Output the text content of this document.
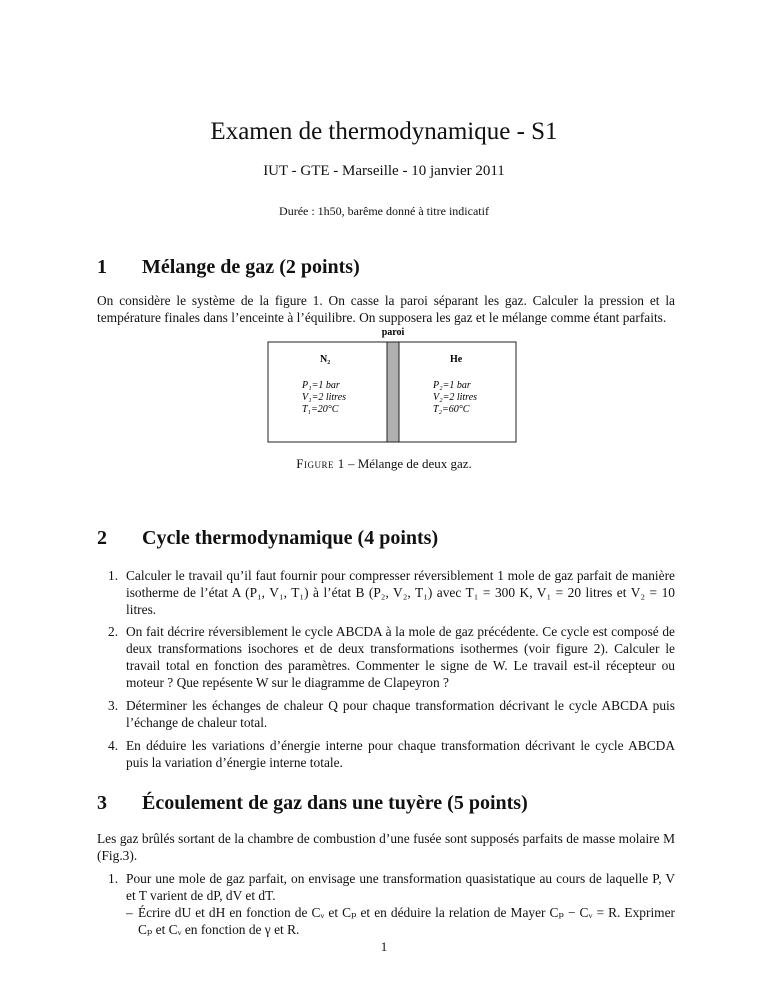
Examen de thermodynamique - S1
IUT - GTE - Marseille - 10 janvier 2011
Durée : 1h50, barême donné à titre indicatif
1 Mélange de gaz (2 points)
On considère le système de la figure 1. On casse la paroi séparant les gaz. Calculer la pression et la température finales dans l’enceinte à l’équilibre. On supposera les gaz et le mélange comme étant parfaits.
paroi
N₂
P₁=1 bar
V₁=2 litres
T₁=20°C
He
P₂=1 bar
V₂=2 litres
T₂=60°C
Figure 1 – Mélange de deux gaz.
2 Cycle thermodynamique (4 points)
1. Calculer le travail qu’il faut fournir pour compresser réversiblement 1 mole de gaz parfait de manière isotherme de l’état A (P₁, V₁, T₁) à l’état B (P₂, V₂, T₁) avec T₁ = 300 K, V₁ = 20 litres et V₂ = 10 litres.
2. On fait décrire réversiblement le cycle ABCDA à la mole de gaz précédente. Ce cycle est composé de deux transformations isochores et de deux transformations isothermes (voir figure 2). Calculer le travail total en fonction des paramètres. Commenter le signe de W. Le travail est-il récepteur ou moteur ? Que repésente W sur le diagramme de Clapeyron ?
3. Déterminer les échanges de chaleur Q pour chaque transformation décrivant le cycle ABCDA puis l’échange de chaleur total.
4. En déduire les variations d’énergie interne pour chaque transformation décrivant le cycle ABCDA puis la variation d’énergie interne totale.
3 Écoulement de gaz dans une tuyère (5 points)
Les gaz brûlés sortant de la chambre de combustion d’une fusée sont supposés parfaits de masse molaire M (Fig.3).
1. Pour une mole de gaz parfait, on envisage une transformation quasistatique au cours de laquelle P, V et T varient de dP, dV et dT.
– Écrire dU et dH en fonction de Cᵥ et Cₚ et en déduire la relation de Mayer Cₚ − Cᵥ = R. Exprimer Cₚ et Cᵥ en fonction de γ et R.
1
